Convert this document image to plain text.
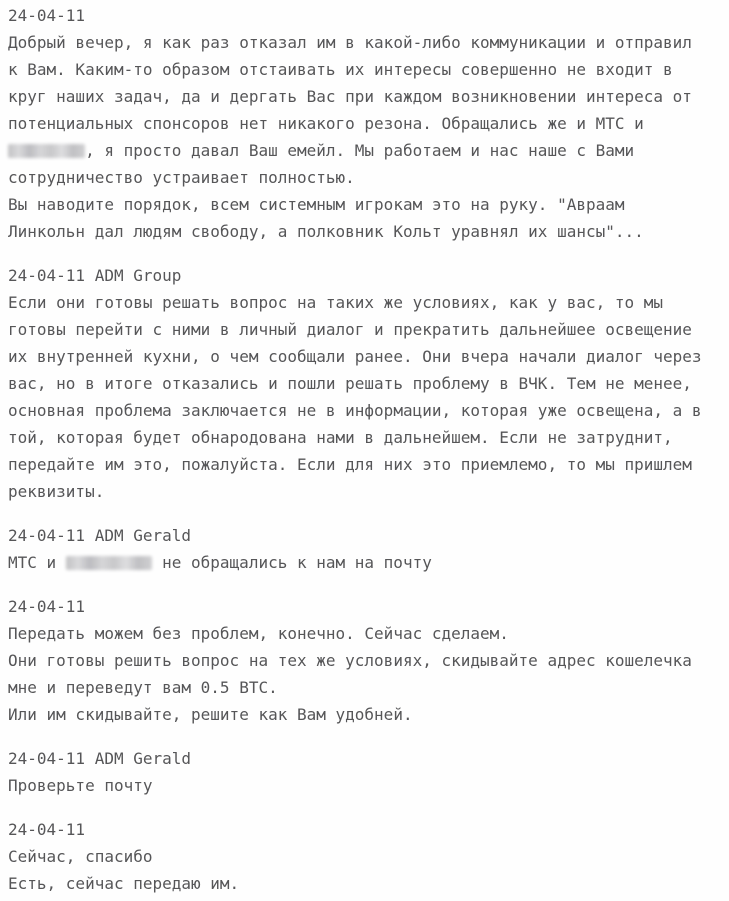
24-04-11
Добрый вечер, я как раз отказал им в какой-либо коммуникации и отправил
к Вам. Каким-то образом отстаивать их интересы совершенно не входит в
круг наших задач, да и дергать Вас при каждом возникновении интереса от
потенциальных спонсоров нет никакого резона. Обращались же и МТС и
, я просто давал Ваш емейл. Мы работаем и нас наше с Вами
сотрудничество устраивает полностью.
Вы наводите порядок, всем системным игрокам это на руку. "Авраам
Линкольн дал людям свободу, а полковник Кольт уравнял их шансы"...
24-04-11 ADM Group
Если они готовы решать вопрос на таких же условиях, как у вас, то мы
готовы перейти с ними в личный диалог и прекратить дальнейшее освещение
их внутренней кухни, о чем сообщали ранее. Они вчера начали диалог через
вас, но в итоге отказались и пошли решать проблему в ВЧК. Тем не менее,
основная проблема заключается не в информации, которая уже освещена, а в
той, которая будет обнародована нами в дальнейшем. Если не затруднит,
передайте им это, пожалуйста. Если для них это приемлемо, то мы пришлем
реквизиты.
24-04-11 ADM Gerald
МТС и	не обращались к нам на почту
24-04-11
Передать можем без проблем, конечно. Сейчас сделаем.
Они готовы решить вопрос на тех же условиях, скидывайте адрес кошелечка
мне и переведут вам 0.5 BTC.
Или им скидывайте, решите как Вам удобней.
24-04-11 ADM Gerald
Проверьте почту
24-04-11
Сейчас, спасибо
Есть, сейчас передаю им.
